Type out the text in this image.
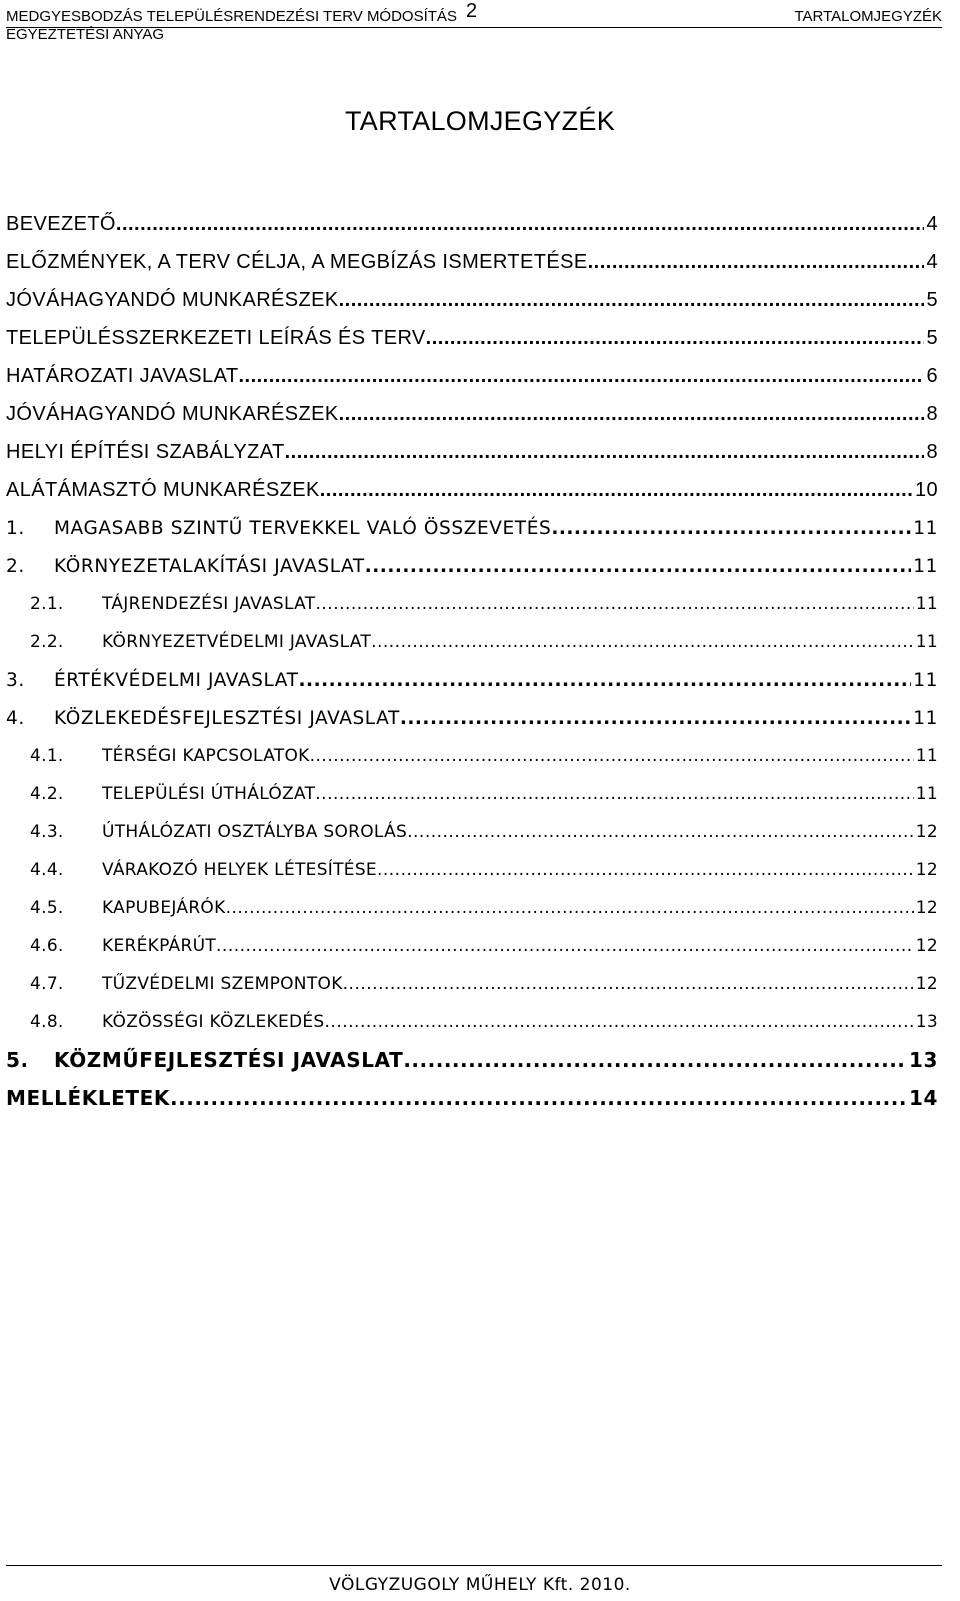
MEDGYESBODZÁS TELEPÜLÉSRENDEZÉSI TERV MÓDOSÍTÁS
EGYEZTETÉSI ANYAG
2	TARTALOMJEGYZÉK
TARTALOMJEGYZÉK
BEVEZETŐ .....	4
ELŐZMÉNYEK, A TERV CÉLJA, A MEGBÍZÁS ISMERTETÉSE .....	4
JÓVÁHAGYANDÓ MUNKARÉSZEK .....	5
TELEPÜLÉSSZERKEZETI LEÍRÁS ÉS TERV .....	5
HATÁROZATI JAVASLAT .....	6
JÓVÁHAGYANDÓ MUNKARÉSZEK .....	8
HELYI ÉPÍTÉSI SZABÁLYZAT .....	8
ALÁTÁMASZTÓ MUNKARÉSZEK .....	10
1.	MAGASABB SZINTŰ TERVEKKEL VALÓ ÖSSZEVETÉS .....	11
2.	KÖRNYEZETALAKÍTÁSI JAVASLAT .....	11
2.1.	TÁJRENDEZÉSI JAVASLAT .....	11
2.2.	KÖRNYEZETVÉDELMI JAVASLAT .....	11
3.	ÉRTÉKVÉDELMI JAVASLAT .....	11
4.	KÖZLEKEDÉSFEJLESZTÉSI JAVASLAT .....	11
4.1.	TÉRSÉGI KAPCSOLATOK .....	11
4.2.	TELEPÜLÉSI ÚTHÁLÓZAT .....	11
4.3.	ÚTHÁLÓZATI OSZTÁLYBA SOROLÁS .....	12
4.4.	VÁRAKOZÓ HELYEK LÉTESÍTÉSE .....	12
4.5.	KAPUBEJÁRÓK .....	12
4.6.	KERÉKPÁRÚT .....	12
4.7.	TŰZVÉDELMI SZEMPONTOK .....	12
4.8.	KÖZÖSSÉGI KÖZLEKEDÉS .....	13
5.	KÖZMŰFEJLESZTÉSI JAVASLAT .....	13
MELLÉKLETEK .....	14
VÖLGYZUGOLY MŰHELY Kft. 2010.
